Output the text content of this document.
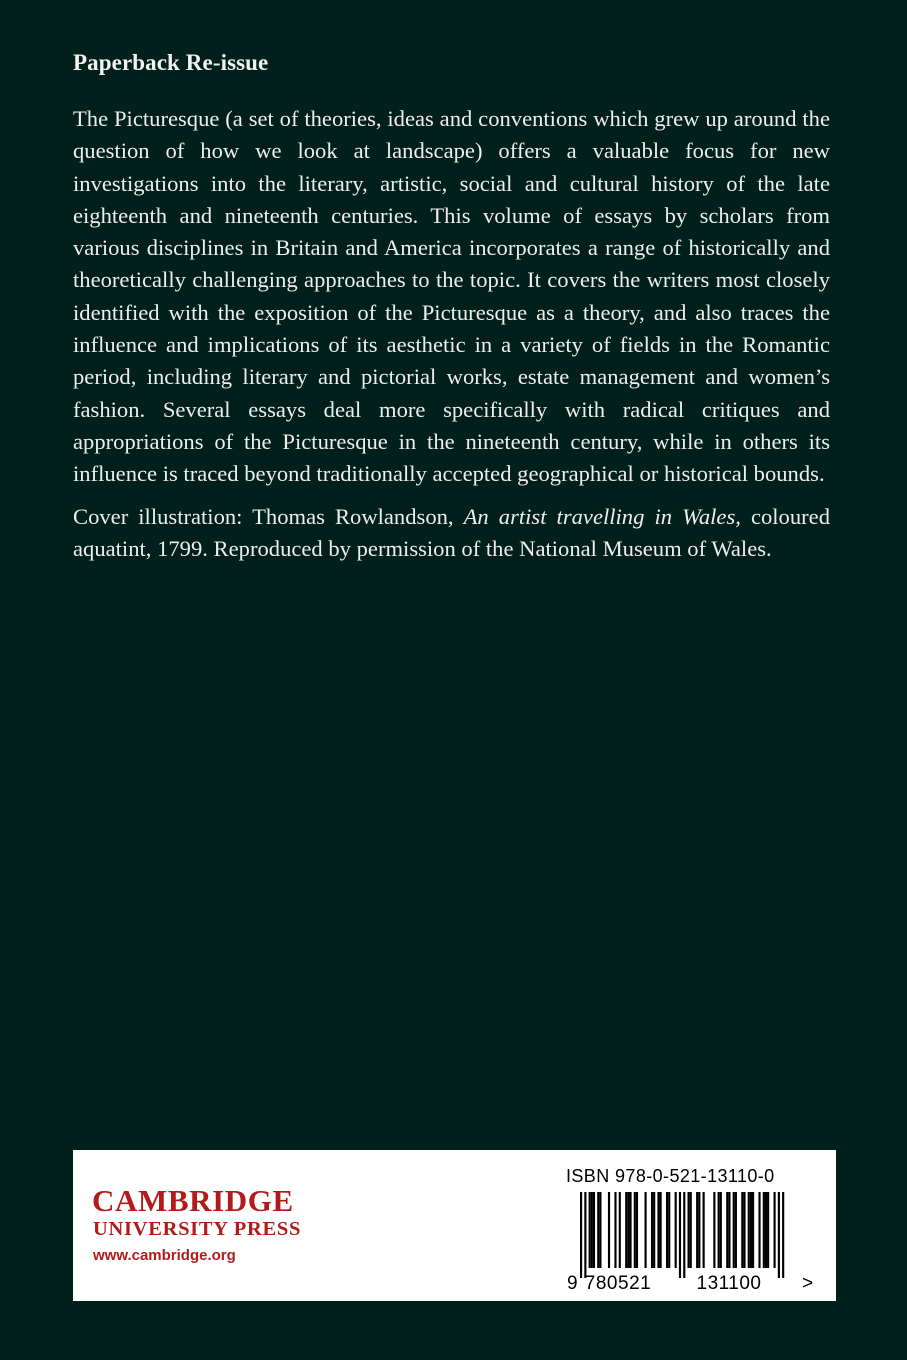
Paperback Re-issue

The Picturesque (a set of theories, ideas and conventions which grew up around the question of how we look at landscape) offers a valuable focus for new investigations into the literary, artistic, social and cultural history of the late eighteenth and nineteenth centuries. This volume of essays by scholars from various disciplines in Britain and America incorporates a range of historically and theoretically challenging approaches to the topic. It covers the writers most closely identified with the exposition of the Picturesque as a theory, and also traces the influence and implications of its aesthetic in a variety of fields in the Romantic period, including literary and pictorial works, estate management and women’s fashion. Several essays deal more specifically with radical critiques and appropriations of the Picturesque in the nineteenth century, while in others its influence is traced beyond traditionally accepted geographical or historical bounds.

Cover illustration: Thomas Rowlandson, An artist travelling in Wales, coloured aquatint, 1799. Reproduced by permission of the National Museum of Wales.

CAMBRIDGE
UNIVERSITY PRESS
www.cambridge.org
ISBN 978-0-521-13110-0
9 780521 131100 >
